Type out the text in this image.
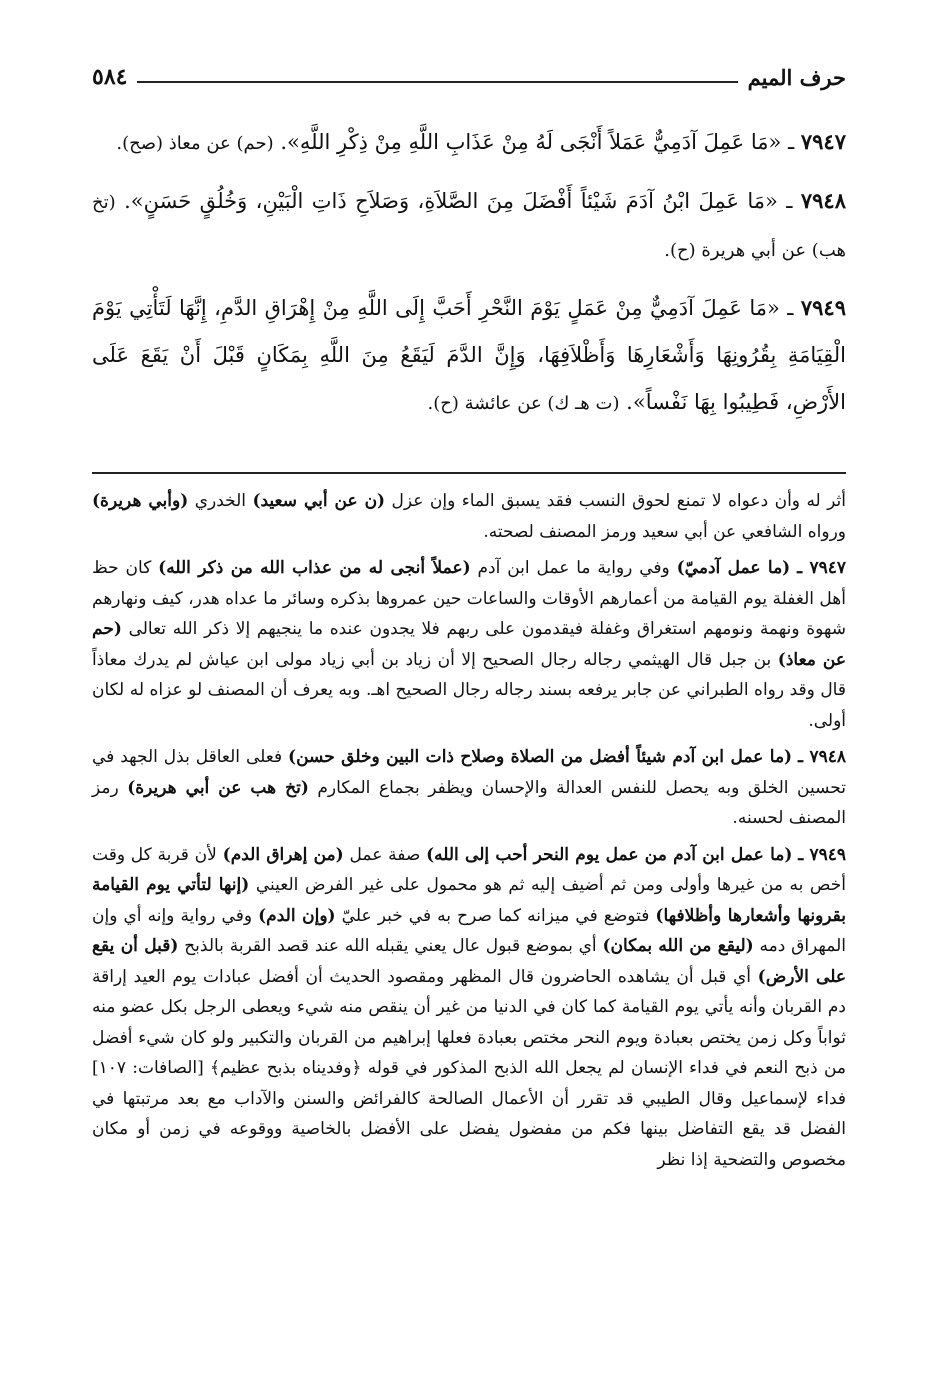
حرف الميم
٥٨٤

٧٩٤٧ ـ «مَا عَمِلَ آدَمِيٌّ عَمَلاً أَنْجَى لَهُ مِنْ عَذَابِ اللَّهِ مِنْ ذِكْرِ اللَّهِ». (حم) عن معاذ (صح).

٧٩٤٨ ـ «مَا عَمِلَ ابْنُ آدَمَ شَيْئاً أَفْضَلَ مِنَ الصَّلاَةِ، وَصَلاَحِ ذَاتِ الْبَيْنِ، وَخُلُقٍ حَسَنٍ». (تخ هب) عن أبي هريرة (ح).

٧٩٤٩ ـ «مَا عَمِلَ آدَمِيٌّ مِنْ عَمَلٍ يَوْمَ النَّحْرِ أَحَبَّ إِلَى اللَّهِ مِنْ إِهْرَاقِ الدَّمِ، إِنَّهَا لَتَأْتِي يَوْمَ الْقِيَامَةِ بِقُرُونِهَا وَأَشْعَارِهَا وَأَظْلاَفِهَا، وَإِنَّ الدَّمَ لَيَقَعُ مِنَ اللَّهِ بِمَكَانٍ قَبْلَ أَنْ يَقَعَ عَلَى الأَرْضِ، فَطِيبُوا بِهَا نَفْساً». (ت هـ ك) عن عائشة (ح).

أثر له وأن دعواه لا تمنع لحوق النسب فقد يسبق الماء وإن عزل (ن عن أبي سعيد) الخدري (وأبي هريرة) ورواه الشافعي عن أبي سعيد ورمز المصنف لصحته.

٧٩٤٧ ـ (ما عمل آدميّ) وفي رواية ما عمل ابن آدم (عملاً أنجى له من عذاب الله من ذكر الله) كان حظ أهل الغفلة يوم القيامة من أعمارهم الأوقات والساعات حين عمروها بذكره وسائر ما عداه هدر، كيف ونهارهم شهوة ونهمة ونومهم استغراق وغفلة فيقدمون على ربهم فلا يجدون عنده ما ينجيهم إلا ذكر الله تعالى (حم عن معاذ) بن جبل قال الهيثمي رجاله رجال الصحيح إلا أن زياد بن أبي زياد مولى ابن عياش لم يدرك معاذاً قال وقد رواه الطبراني عن جابر يرفعه بسند رجاله رجال الصحيح اهـ. وبه يعرف أن المصنف لو عزاه له لكان أولى.

٧٩٤٨ ـ (ما عمل ابن آدم شيئاً أفضل من الصلاة وصلاح ذات البين وخلق حسن) فعلى العاقل بذل الجهد في تحسين الخلق وبه يحصل للنفس العدالة والإحسان ويظفر بجماع المكارم (تخ هب عن أبي هريرة) رمز المصنف لحسنه.

٧٩٤٩ ـ (ما عمل ابن آدم من عمل يوم النحر أحب إلى الله) صفة عمل (من إهراق الدم) لأن قربة كل وقت أخص به من غيرها وأولى ومن ثم أضيف إليه ثم هو محمول على غير الفرض العيني (إنها لتأتي يوم القيامة بقرونها وأشعارها وأظلافها) فتوضع في ميزانه كما صرح به في خبر عليّ (وإن الدم) وفي رواية وإنه أي وإن المهراق دمه (ليقع من الله بمكان) أي بموضع قبول عال يعني يقبله الله عند قصد القربة بالذبح (قبل أن يقع على الأرض) أي قبل أن يشاهده الحاضرون قال المظهر ومقصود الحديث أن أفضل عبادات يوم العيد إراقة دم القربان وأنه يأتي يوم القيامة كما كان في الدنيا من غير أن ينقص منه شيء ويعطى الرجل بكل عضو منه ثواباً وكل زمن يختص بعبادة ويوم النحر مختص بعبادة فعلها إبراهيم من القربان والتكبير ولو كان شيء أفضل من ذبح النعم في فداء الإنسان لم يجعل الله الذبح المذكور في قوله ﴿وفديناه بذبح عظيم﴾ [الصافات: ١٠٧] فداء لإسماعيل وقال الطيبي قد تقرر أن الأعمال الصالحة كالفرائض والسنن والآداب مع بعد مرتبتها في الفضل قد يقع التفاضل بينها فكم من مفضول يفضل على الأفضل بالخاصية ووقوعه في زمن أو مكان مخصوص والتضحية إذا نظر
